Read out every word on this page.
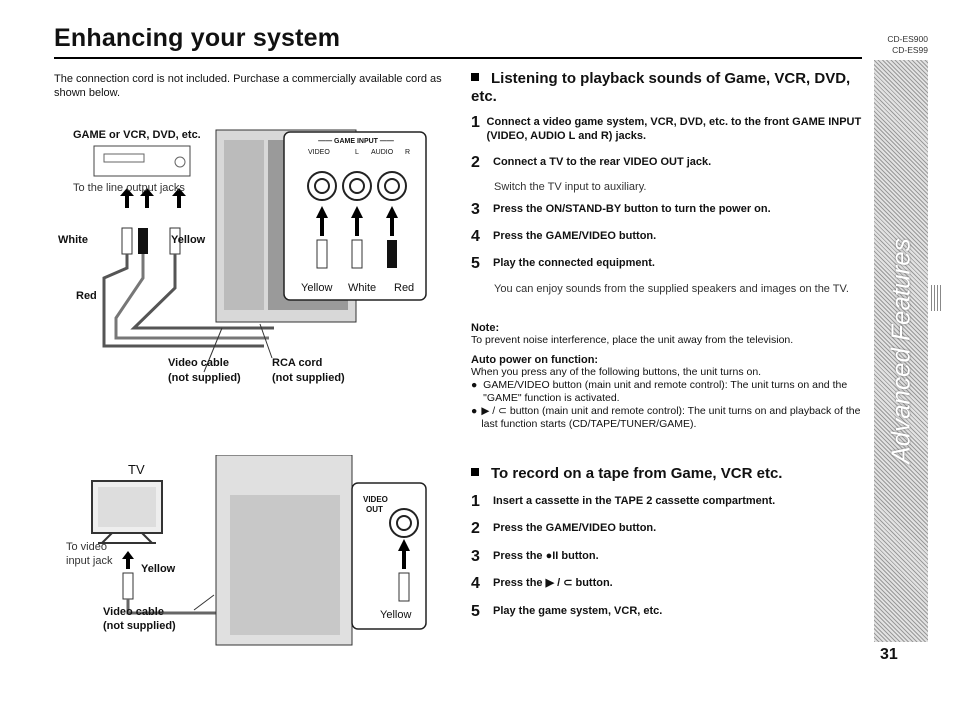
Enhancing your system	CD-ES900
CD-ES99
The connection cord is not included. Purchase a commercially available cord as shown below.
GAME or VCR, DVD, etc.
To the line output jacks
White	Yellow
Red
—— GAME INPUT ——
VIDEO	L AUDIO R
Yellow White Red
Video cable
(not supplied)
RCA cord
(not supplied)
TV
To video
input jack
Yellow
Video cable
(not supplied)
VIDEO
OUT
Yellow
Listening to playback sounds of Game, VCR, DVD, etc.
1 Connect a video game system, VCR, DVD, etc. to the front GAME INPUT (VIDEO, AUDIO L and R) jacks.
2	Connect a TV to the rear VIDEO OUT jack.
Switch the TV input to auxiliary.
3	Press the ON/STAND-BY button to turn the power on.
4	Press the GAME/VIDEO button.
5	Play the connected equipment.
You can enjoy sounds from the supplied speakers and images on the TV.
Note:
To prevent noise interference, place the unit away from the television.
Auto power on function:
When you press any of the following buttons, the unit turns on.
● GAME/VIDEO button (main unit and remote control): The unit turns on and the "GAME" function is activated.
● ▶ / ⊂ button (main unit and remote control): The unit turns on and playback of the last function starts (CD/TAPE/TUNER/GAME).
To record on a tape from Game, VCR etc.
1	Insert a cassette in the TAPE 2 cassette compartment.
2	Press the GAME/VIDEO button.
3	Press the ●II button.
4	Press the ▶ / ⊂ button.
5	Play the game system, VCR, etc.
Advanced Features
31
